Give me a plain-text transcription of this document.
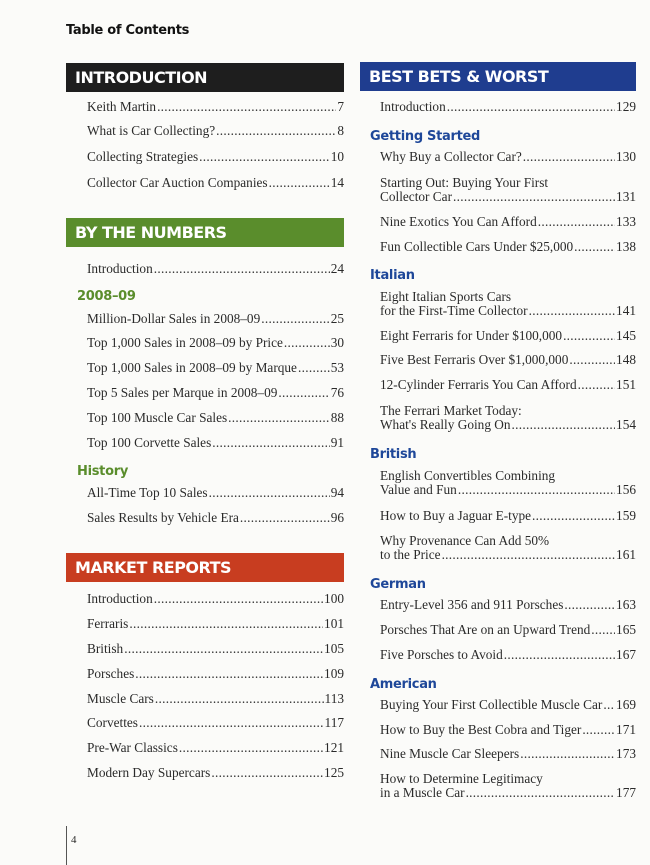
Table of Contents
INTRODUCTION
Keith Martin .....	7
What is Car Collecting? .....	8
Collecting Strategies .....	10
Collector Car Auction Companies .....	14
BY THE NUMBERS
Introduction .....	24
2008–09
Million-Dollar Sales in 2008–09 .....	25
Top 1,000 Sales in 2008–09 by Price .....	30
Top 1,000 Sales in 2008–09 by Marque .....	53
Top 5 Sales per Marque in 2008–09 .....	76
Top 100 Muscle Car Sales .....	88
Top 100 Corvette Sales .....	91
History
All-Time Top 10 Sales .....	94
Sales Results by Vehicle Era .....	96
MARKET REPORTS
Introduction .....	100
Ferraris .....	101
British .....	105
Porsches .....	109
Muscle Cars .....	113
Corvettes .....	117
Pre-War Classics .....	121
Modern Day Supercars .....	125
BEST BETS & WORST
Introduction .....	129
Getting Started
Why Buy a Collector Car? .....	130
Starting Out: Buying Your First
Collector Car .....	131
Nine Exotics You Can Afford .....	133
Fun Collectible Cars Under $25,000 .....	138
Italian
Eight Italian Sports Cars
for the First-Time Collector .....	141
Eight Ferraris for Under $100,000 .....	145
Five Best Ferraris Over $1,000,000 .....	148
12-Cylinder Ferraris You Can Afford .....	151
The Ferrari Market Today:
What's Really Going On .....	154
British
English Convertibles Combining
Value and Fun .....	156
How to Buy a Jaguar E-type .....	159
Why Provenance Can Add 50%
to the Price .....	161
German
Entry-Level 356 and 911 Porsches .....	163
Porsches That Are on an Upward Trend ..... 165
Five Porsches to Avoid .....	167
American
Buying Your First Collectible Muscle Car ..... 169
How to Buy the Best Cobra and Tiger .....	171
Nine Muscle Car Sleepers .....	173
How to Determine Legitimacy
in a Muscle Car .....	177
4
